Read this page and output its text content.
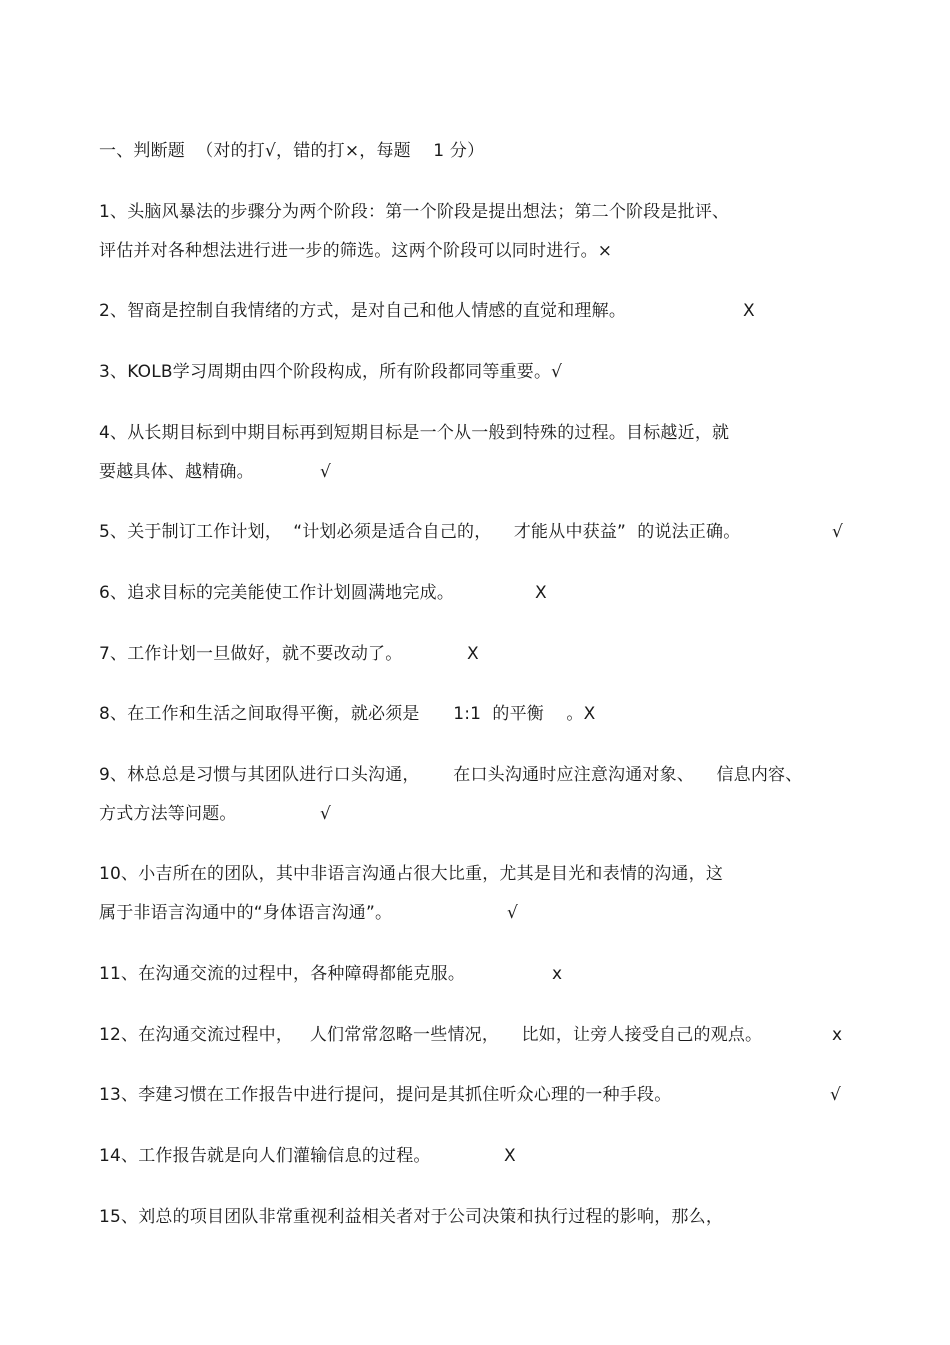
一、判断题  （对的打√，错的打×，每题    1 分）
1、头脑风暴法的步骤分为两个阶段：第一个阶段是提出想法；第二个阶段是批评、
评估并对各种想法进行进一步的筛选。这两个阶段可以同时进行。×
2、智商是控制自我情绪的方式，是对自己和他人情感的直觉和理解。	X
3、KOLB学习周期由四个阶段构成，所有阶段都同等重要。√
4、从长期目标到中期目标再到短期目标是一个从一般到特殊的过程。目标越近，就
要越具体、越精确。	√
5、关于制订工作计划，  “计划必须是适合自己的，    才能从中获益”  的说法正确。	√
6、追求目标的完美能使工作计划圆满地完成。	X
7、工作计划一旦做好，就不要改动了。	X
8、在工作和生活之间取得平衡，就必须是      1:1  的平衡    。X
9、林总总是习惯与其团队进行口头沟通，      在口头沟通时应注意沟通对象、    信息内容、
方式方法等问题。	√
10、小吉所在的团队，其中非语言沟通占很大比重，尤其是目光和表情的沟通，这
属于非语言沟通中的“身体语言沟通”。	√
11、在沟通交流的过程中，各种障碍都能克服。	x
12、在沟通交流过程中，   人们常常忽略一些情况，    比如，让旁人接受自己的观点。	x
13、李建习惯在工作报告中进行提问，提问是其抓住听众心理的一种手段。	√
14、工作报告就是向人们灌输信息的过程。	X
15、刘总的项目团队非常重视利益相关者对于公司决策和执行过程的影响，那么，
